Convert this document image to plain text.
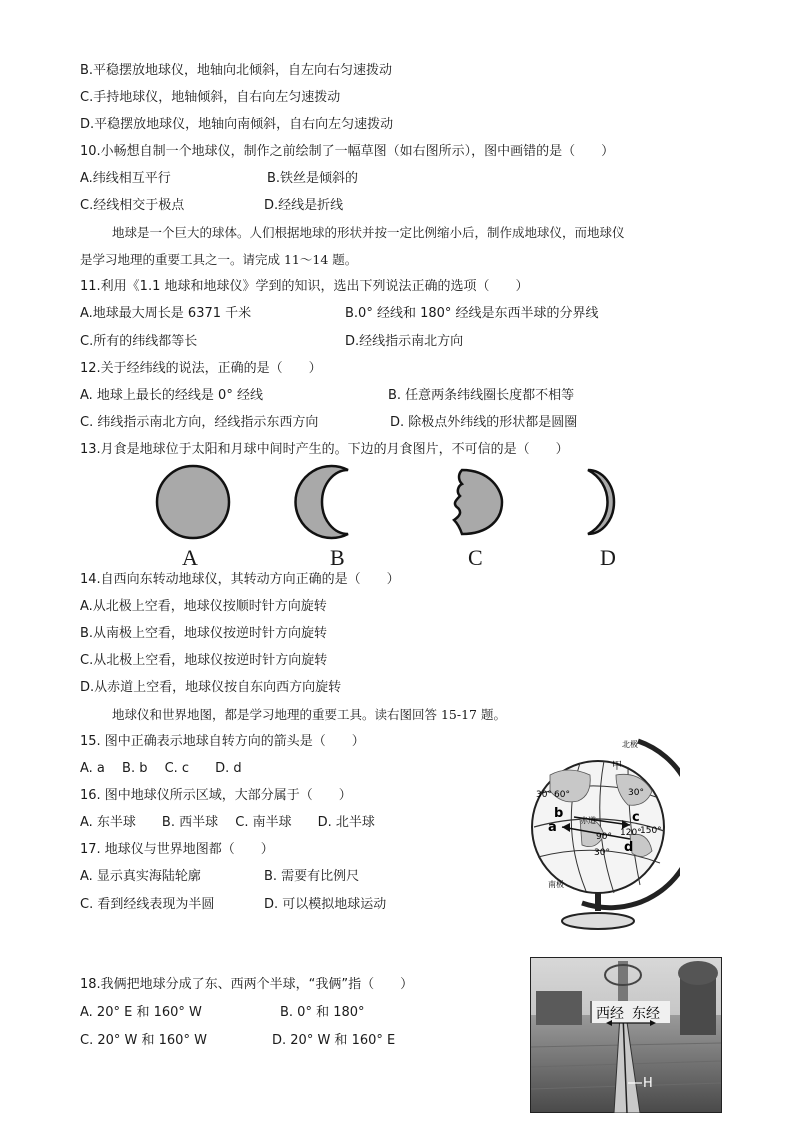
B.平稳摆放地球仪，地轴向北倾斜，自左向右匀速拨动
C.手持地球仪，地轴倾斜，自右向左匀速拨动
D.平稳摆放地球仪，地轴向南倾斜，自右向左匀速拨动
10.小畅想自制一个地球仪，制作之前绘制了一幅草图（如右图所示），图中画错的是（　　）
A.纬线相互平行	B.铁丝是倾斜的
C.经线相交于极点	D.经线是折线
地球是一个巨大的球体。人们根据地球的形状并按一定比例缩小后，制作成地球仪，而地球仪
是学习地理的重要工具之一。请完成 11～14 题。
11.利用《1.1 地球和地球仪》学到的知识，选出下列说法正确的选项（　　）
A.地球最大周长是 6371 千米	B.0° 经线和 180° 经线是东西半球的分界线
C.所有的纬线都等长	D.经线指示南北方向
12.关于经纬线的说法，正确的是（　　）
A. 地球上最长的经线是 0° 经线	B. 任意两条纬线圈长度都不相等
C. 纬线指示南北方向，经线指示东西方向	D. 除极点外纬线的形状都是圆圈
13.月食是地球位于太阳和月球中间时产生的。下边的月食图片，不可信的是（　　）
A	B	C	D
14.自西向东转动地球仪，其转动方向正确的是（　　）
A.从北极上空看，地球仪按顺时针方向旋转
B.从南极上空看，地球仪按逆时针方向旋转
C.从北极上空看，地球仪按逆时针方向旋转
D.从赤道上空看，地球仪按自东向西方向旋转
地球仪和世界地图，都是学习地理的重要工具。读右图回答 15-17 题。
15. 图中正确表示地球自转方向的箭头是（　　）
A. a　 B. b　 C. c　　D. d
16. 图中地球仪所示区域，大部分属于（　　）
A. 东半球　　B. 西半球　 C. 南半球　　D. 北半球
17. 地球仪与世界地图都（　　）
A. 显示真实海陆轮廓	B. 需要有比例尺
C. 看到经线表现为半圆	D. 可以模拟地球运动
北极
南极
甲
赤道
30°	30°
30°
60°
90° 120°
150°
a
b	c
d
18.我俩把地球分成了东、西两个半球，“我俩”指（　　）
A. 20° E 和 160° W	B. 0° 和 180°
C. 20° W 和 160° W	D. 20° W 和 160° E
西经 东经
H
